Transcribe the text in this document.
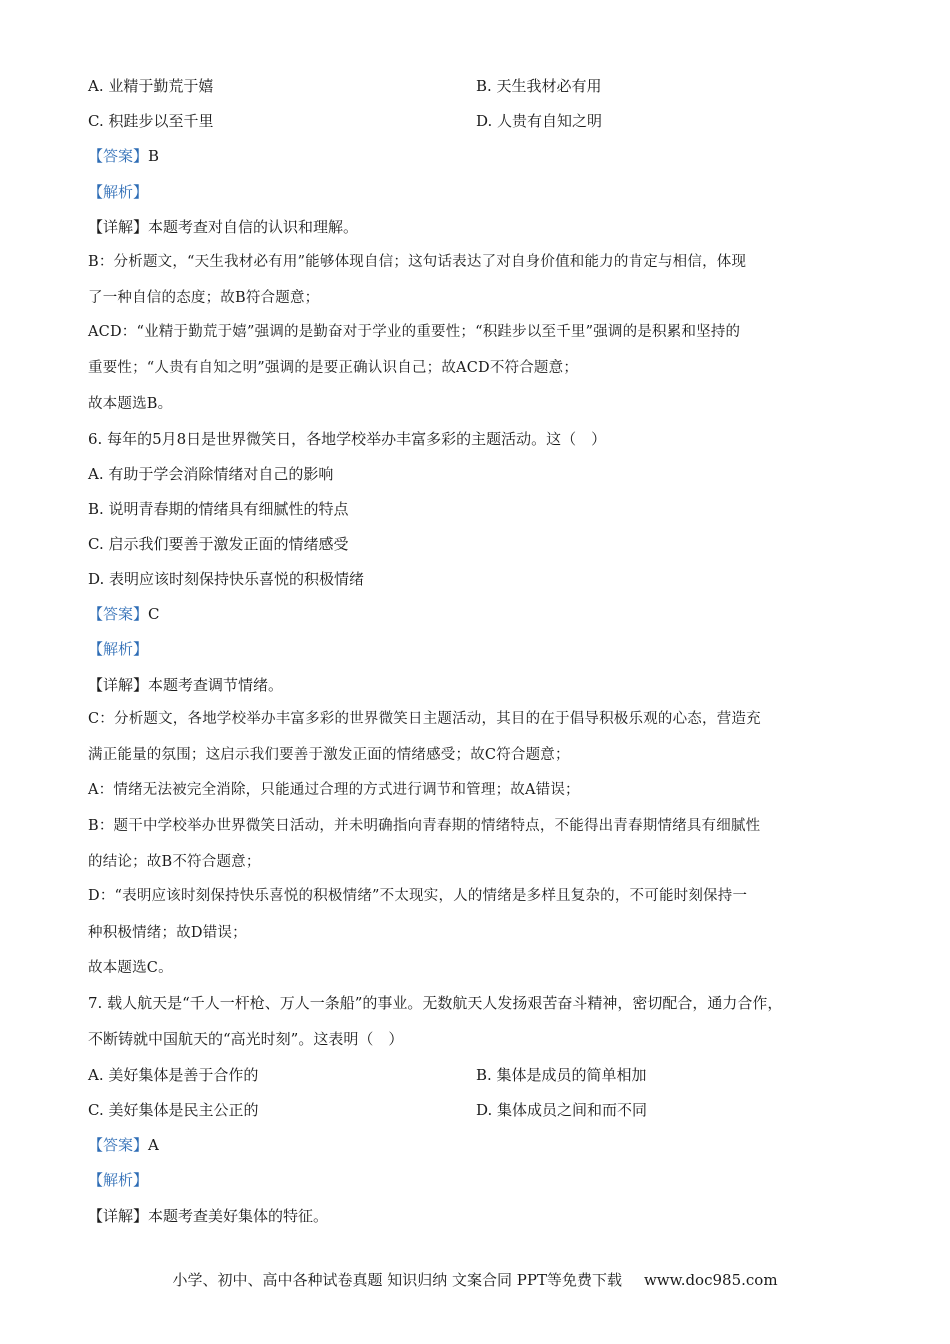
A. 业精于勤荒于嬉	B. 天生我材必有用
C. 积跬步以至千里	D. 人贵有自知之明
【答案】B
【解析】
【详解】本题考查对自信的认识和理解。
B：分析题文，“天生我材必有用”能够体现自信；这句话表达了对自身价值和能力的肯定与相信，体现
了一种自信的态度；故B符合题意；
ACD：“业精于勤荒于嬉”强调的是勤奋对于学业的重要性；“积跬步以至千里”强调的是积累和坚持的
重要性；“人贵有自知之明”强调的是要正确认识自己；故ACD不符合题意；
故本题选B。
6. 每年的5月8日是世界微笑日，各地学校举办丰富多彩的主题活动。这（　）
A. 有助于学会消除情绪对自己的影响
B. 说明青春期的情绪具有细腻性的特点
C. 启示我们要善于激发正面的情绪感受
D. 表明应该时刻保持快乐喜悦的积极情绪
【答案】C
【解析】
【详解】本题考查调节情绪。
C：分析题文，各地学校举办丰富多彩的世界微笑日主题活动，其目的在于倡导积极乐观的心态，营造充
满正能量的氛围；这启示我们要善于激发正面的情绪感受；故C符合题意；
A：情绪无法被完全消除，只能通过合理的方式进行调节和管理；故A错误；
B：题干中学校举办世界微笑日活动，并未明确指向青春期的情绪特点，不能得出青春期情绪具有细腻性
的结论；故B不符合题意；
D：“表明应该时刻保持快乐喜悦的积极情绪”不太现实，人的情绪是多样且复杂的，不可能时刻保持一
种积极情绪；故D错误；
故本题选C。
7. 载人航天是“千人一杆枪、万人一条船”的事业。无数航天人发扬艰苦奋斗精神，密切配合，通力合作，
不断铸就中国航天的“高光时刻”。这表明（　）
A. 美好集体是善于合作的	B. 集体是成员的简单相加
C. 美好集体是民主公正的	D. 集体成员之间和而不同
【答案】A
【解析】
【详解】本题考查美好集体的特征。
小学、初中、高中各种试卷真题 知识归纳 文案合同 PPT等免费下载 www.doc985.com
